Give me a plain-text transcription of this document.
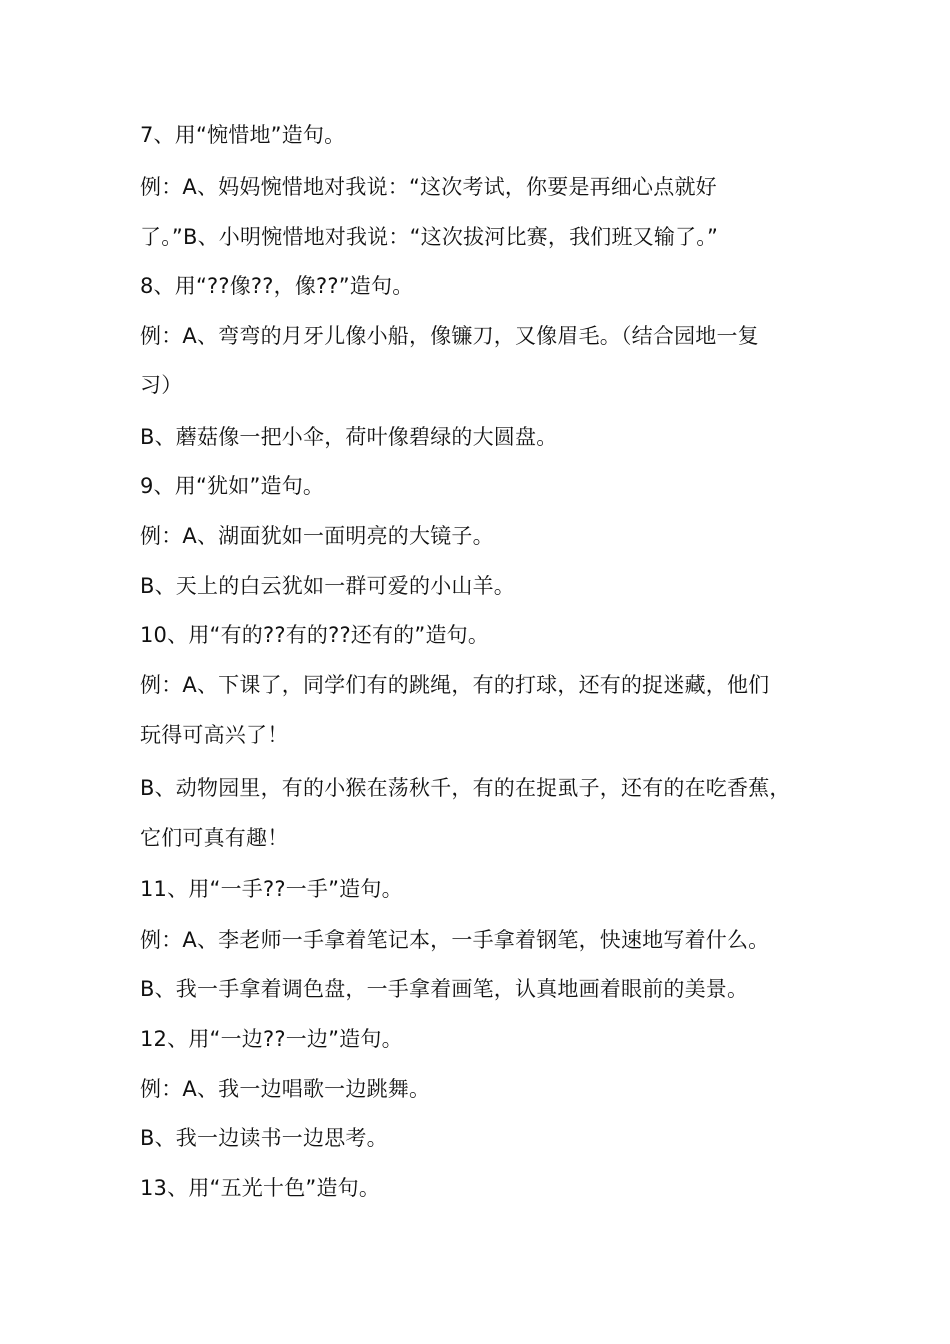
7、用“惋惜地”造句。
例：A、妈妈惋惜地对我说：“这次考试，你要是再细心点就好
了。”B、小明惋惜地对我说：“这次拔河比赛，我们班又输了。”
8、用“??像??，像??”造句。
例：A、弯弯的月牙儿像小船，像镰刀，又像眉毛。（结合园地一复
习）
B、蘑菇像一把小伞，荷叶像碧绿的大圆盘。
9、用“犹如”造句。
例：A、湖面犹如一面明亮的大镜子。
B、天上的白云犹如一群可爱的小山羊。
10、用“有的??有的??还有的”造句。
例：A、下课了，同学们有的跳绳，有的打球，还有的捉迷藏，他们
玩得可高兴了！
B、动物园里，有的小猴在荡秋千，有的在捉虱子，还有的在吃香蕉，
它们可真有趣！
11、用“一手??一手”造句。
例：A、李老师一手拿着笔记本，一手拿着钢笔，快速地写着什么。
B、我一手拿着调色盘，一手拿着画笔，认真地画着眼前的美景。
12、用“一边??一边”造句。
例：A、我一边唱歌一边跳舞。
B、我一边读书一边思考。
13、用“五光十色”造句。
